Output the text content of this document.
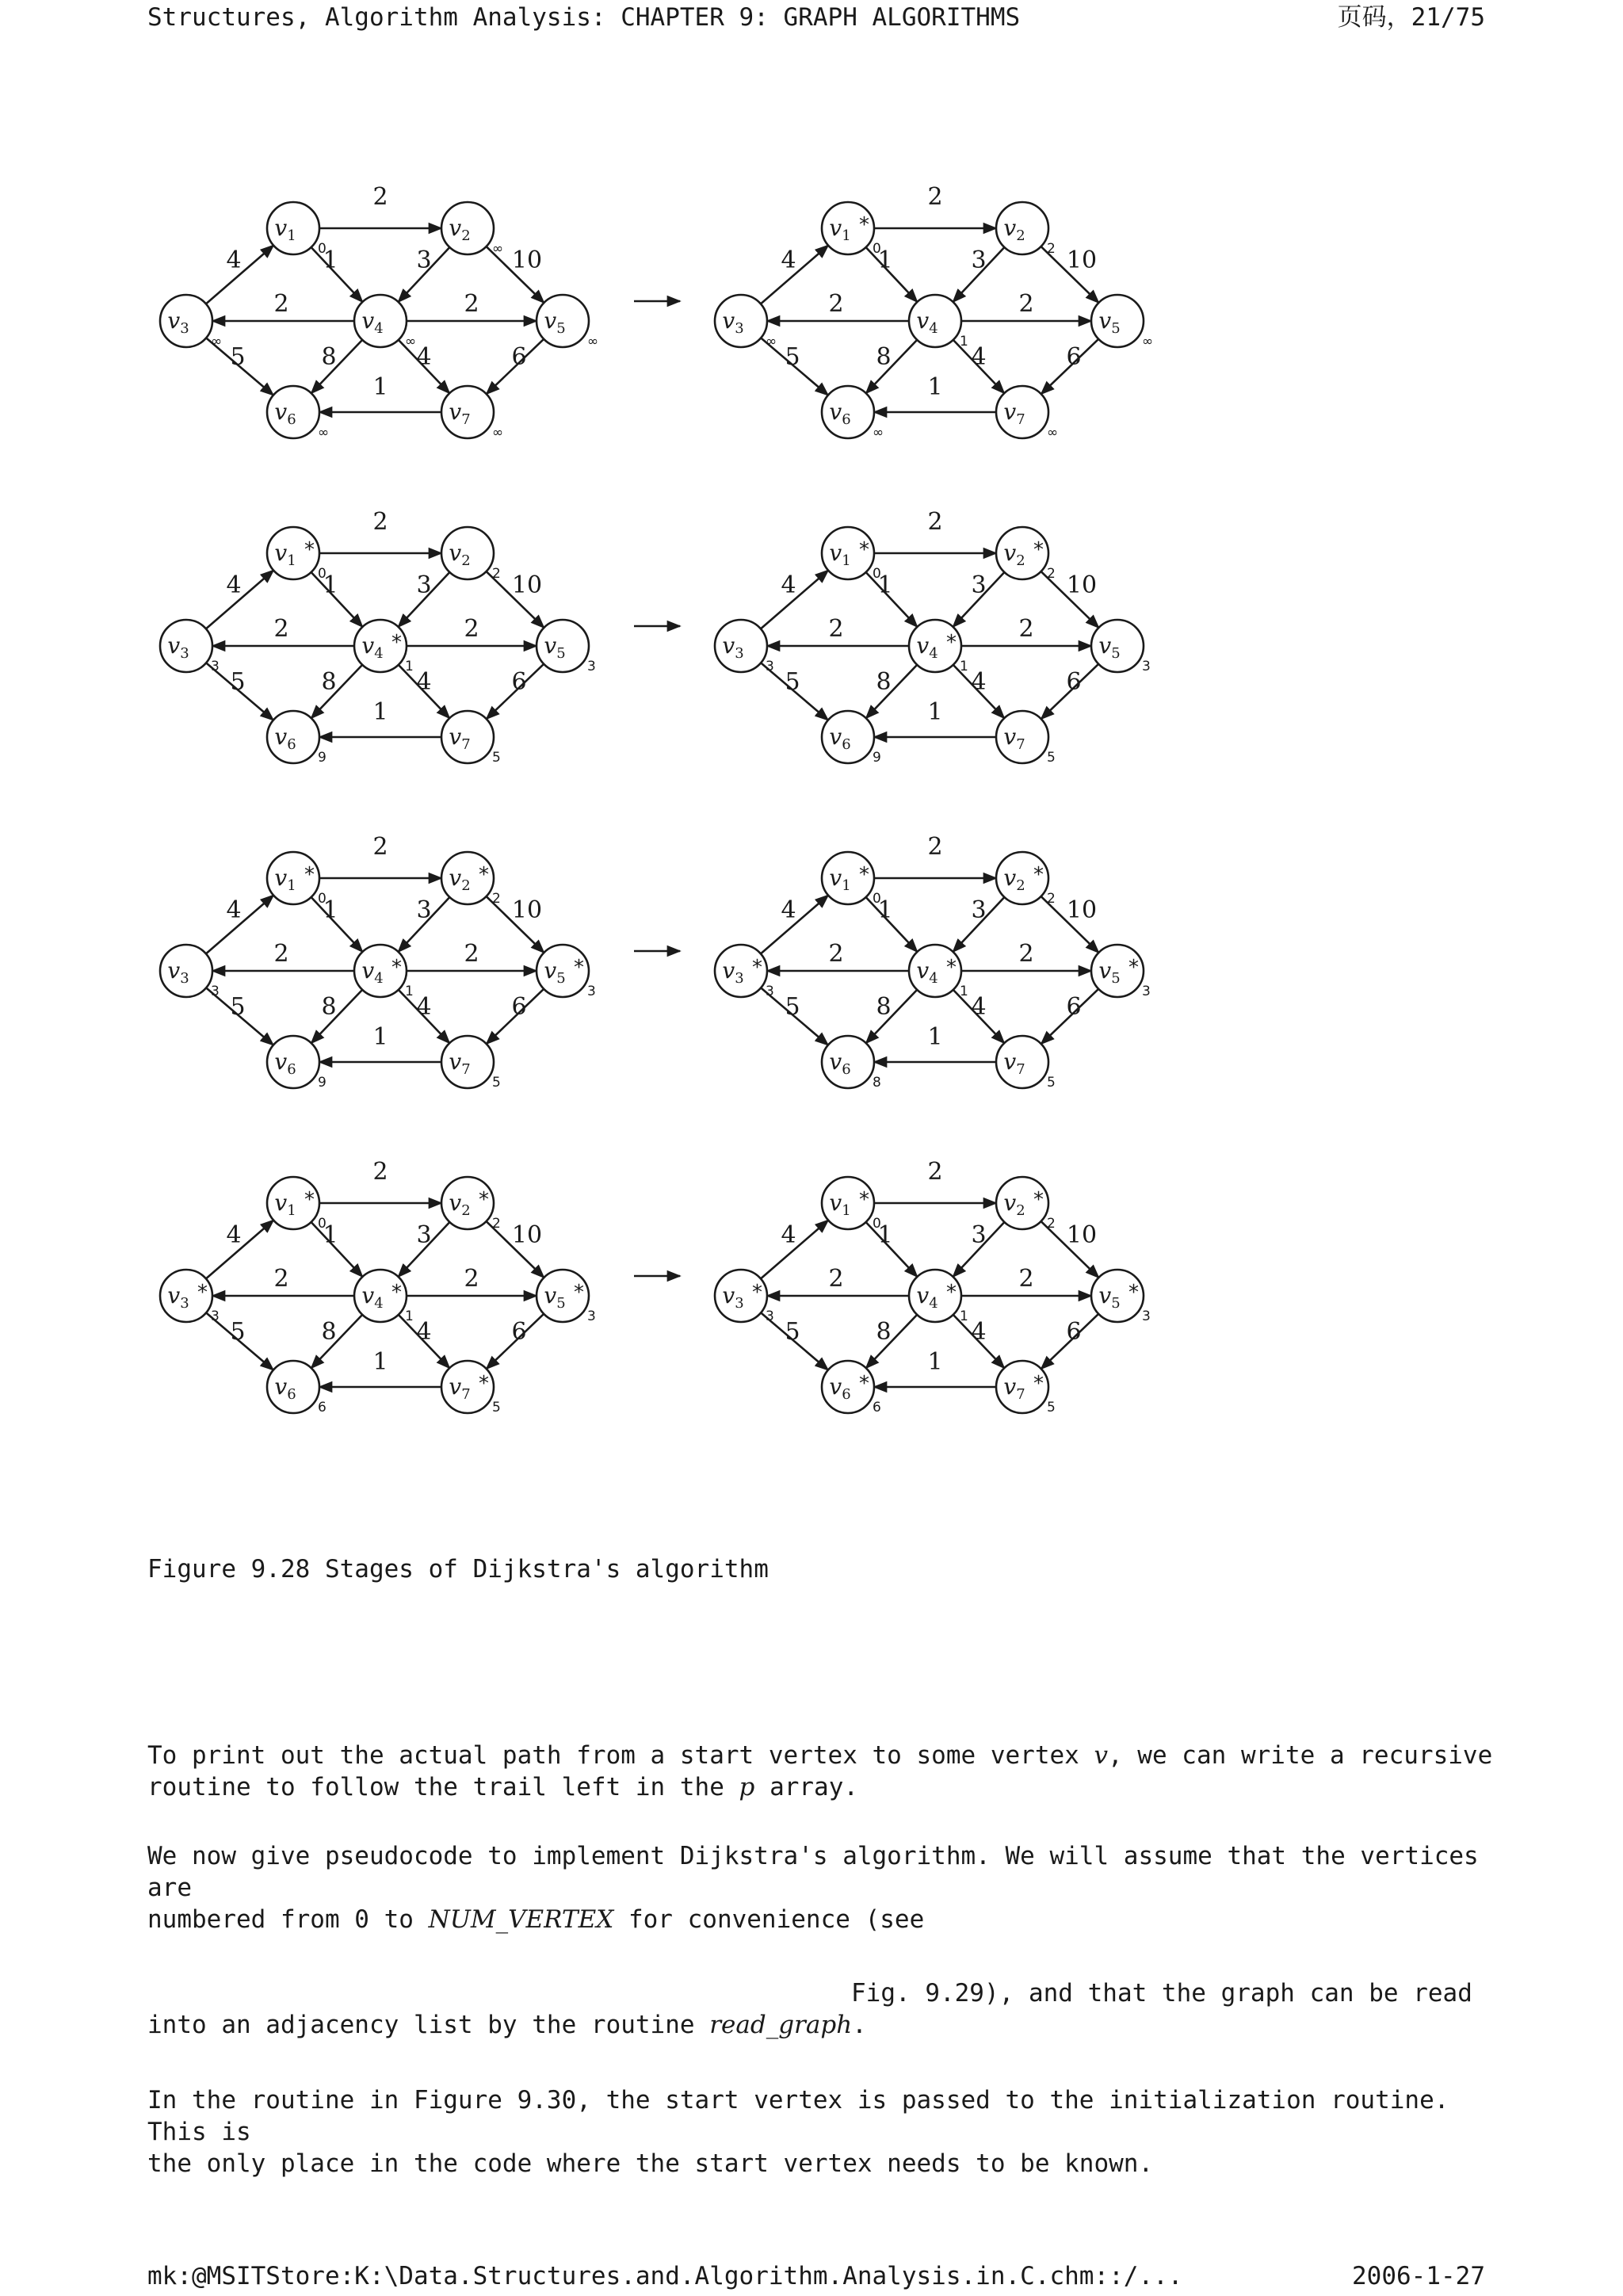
Structures, Algorithm Analysis: CHAPTER 9: GRAPH ALGORITHMS	页码，21/75
2
1
4	3	10
2	2
5	8	4	6
1
$v_1$
0
$v_2$
∞
$v_3$
∞
$v_4$
∞
$v_5$
∞
$v_6$
∞
$v_7$
∞
2
1
4	3	10
2	2
5	8	4	6
1
$v_1$ *
0
$v_2$
2
$v_3$
∞
$v_4$
1
$v_5$
∞
$v_6$
∞
$v_7$
∞
2
1
4	3	10
2	2
5	8	4	6
1
$v_1$ *
0
$v_2$
2
$v_3$
3
$v_4$ *
1
$v_5$
3
$v_6$
9
$v_7$
5
2
1
4	3	10
2	2
5	8	4	6
1
$v_1$ *
0
$v_2$ *
2
$v_3$
3
$v_4$ *
1
$v_5$
3
$v_6$
9
$v_7$
5
2
1
4	3	10
2	2
5	8	4	6
1
$v_1$ *
0
$v_2$ *
2
$v_3$
3
$v_4$ *
1
$v_5$ *
3
$v_6$
9
$v_7$
5
2
1
4	3	10
2	2
5	8	4	6
1
$v_1$ *
0
$v_2$ *
2
$v_3$ *
3
$v_4$ *
1
$v_5$ *
3
$v_6$
8
$v_7$
5
2
1
4	3	10
2	2
5	8	4	6
1
$v_1$ *
0
$v_2$ *
2
$v_3$ *
3
$v_4$ *
1
$v_5$ *
3
$v_6$
6
$v_7$ *
5
2
1
4	3	10
2	2
5	8	4	6
1
$v_1$ *
0
$v_2$ *
2
$v_3$ *
3
$v_4$ *
1
$v_5$ *
3
$v_6$ *
6
$v_7$ *
5
Figure 9.28 Stages of Dijkstra's algorithm
To print out the actual path from a start vertex to some vertex v, we can write a recursive
routine to follow the trail left in the p array.
We now give pseudocode to implement Dijkstra's algorithm. We will assume that the vertices are
numbered from 0 to NUM_VERTEX for convenience (see
Fig. 9.29), and that the graph can be read
into an adjacency list by the routine read_graph.
In the routine in Figure 9.30, the start vertex is passed to the initialization routine. This is
the only place in the code where the start vertex needs to be known.
mk:@MSITStore:K:\Data.Structures.and.Algorithm.Analysis.in.C.chm::/...	2006-1-27
